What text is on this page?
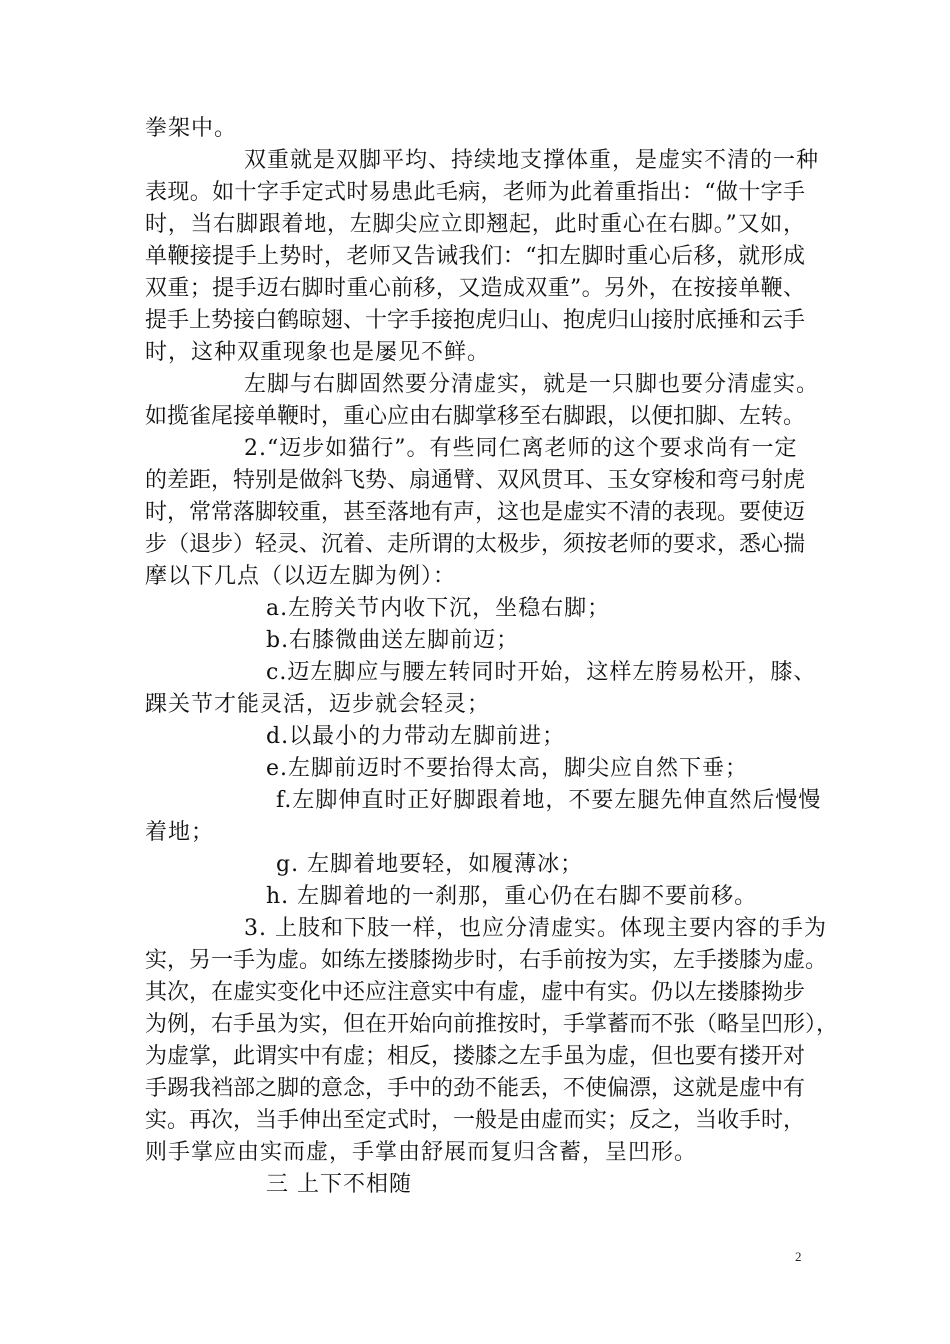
拳架中。
双重就是双脚平均、持续地支撑体重，是虚实不清的一种
表现。如十字手定式时易患此毛病，老师为此着重指出：“做十字手
时，当右脚跟着地，左脚尖应立即翘起，此时重心在右脚。”又如，
单鞭接提手上势时，老师又告诫我们：“扣左脚时重心后移，就形成
双重；提手迈右脚时重心前移，又造成双重”。另外，在按接单鞭、
提手上势接白鹤晾翅、十字手接抱虎归山、抱虎归山接肘底捶和云手
时，这种双重现象也是屡见不鲜。
左脚与右脚固然要分清虚实，就是一只脚也要分清虚实。
如揽雀尾接单鞭时，重心应由右脚掌移至右脚跟，以便扣脚、左转。
2.“迈步如猫行”。有些同仁离老师的这个要求尚有一定
的差距，特别是做斜飞势、扇通臂、双风贯耳、玉女穿梭和弯弓射虎
时，常常落脚较重，甚至落地有声，这也是虚实不清的表现。要使迈
步（退步）轻灵、沉着、走所谓的太极步，须按老师的要求，悉心揣
摩以下几点（以迈左脚为例）：
a.左胯关节内收下沉，坐稳右脚；
b.右膝微曲送左脚前迈；
c.迈左脚应与腰左转同时开始，这样左胯易松开，膝、
踝关节才能灵活，迈步就会轻灵；
d.以最小的力带动左脚前进；
e.左脚前迈时不要抬得太高，脚尖应自然下垂；
f.左脚伸直时正好脚跟着地，不要左腿先伸直然后慢慢
着地；
g. 左脚着地要轻，如履薄冰；
h. 左脚着地的一刹那，重心仍在右脚不要前移。
3. 上肢和下肢一样，也应分清虚实。体现主要内容的手为
实，另一手为虚。如练左搂膝拗步时，右手前按为实，左手搂膝为虚。
其次，在虚实变化中还应注意实中有虚，虚中有实。仍以左搂膝拗步
为例，右手虽为实，但在开始向前推按时，手掌蓄而不张（略呈凹形），
为虚掌，此谓实中有虚；相反，搂膝之左手虽为虚，但也要有搂开对
手踢我裆部之脚的意念，手中的劲不能丢，不使偏漂，这就是虚中有
实。再次，当手伸出至定式时，一般是由虚而实；反之，当收手时，
则手掌应由实而虚，手掌由舒展而复归含蓄，呈凹形。
三 上下不相随
2
